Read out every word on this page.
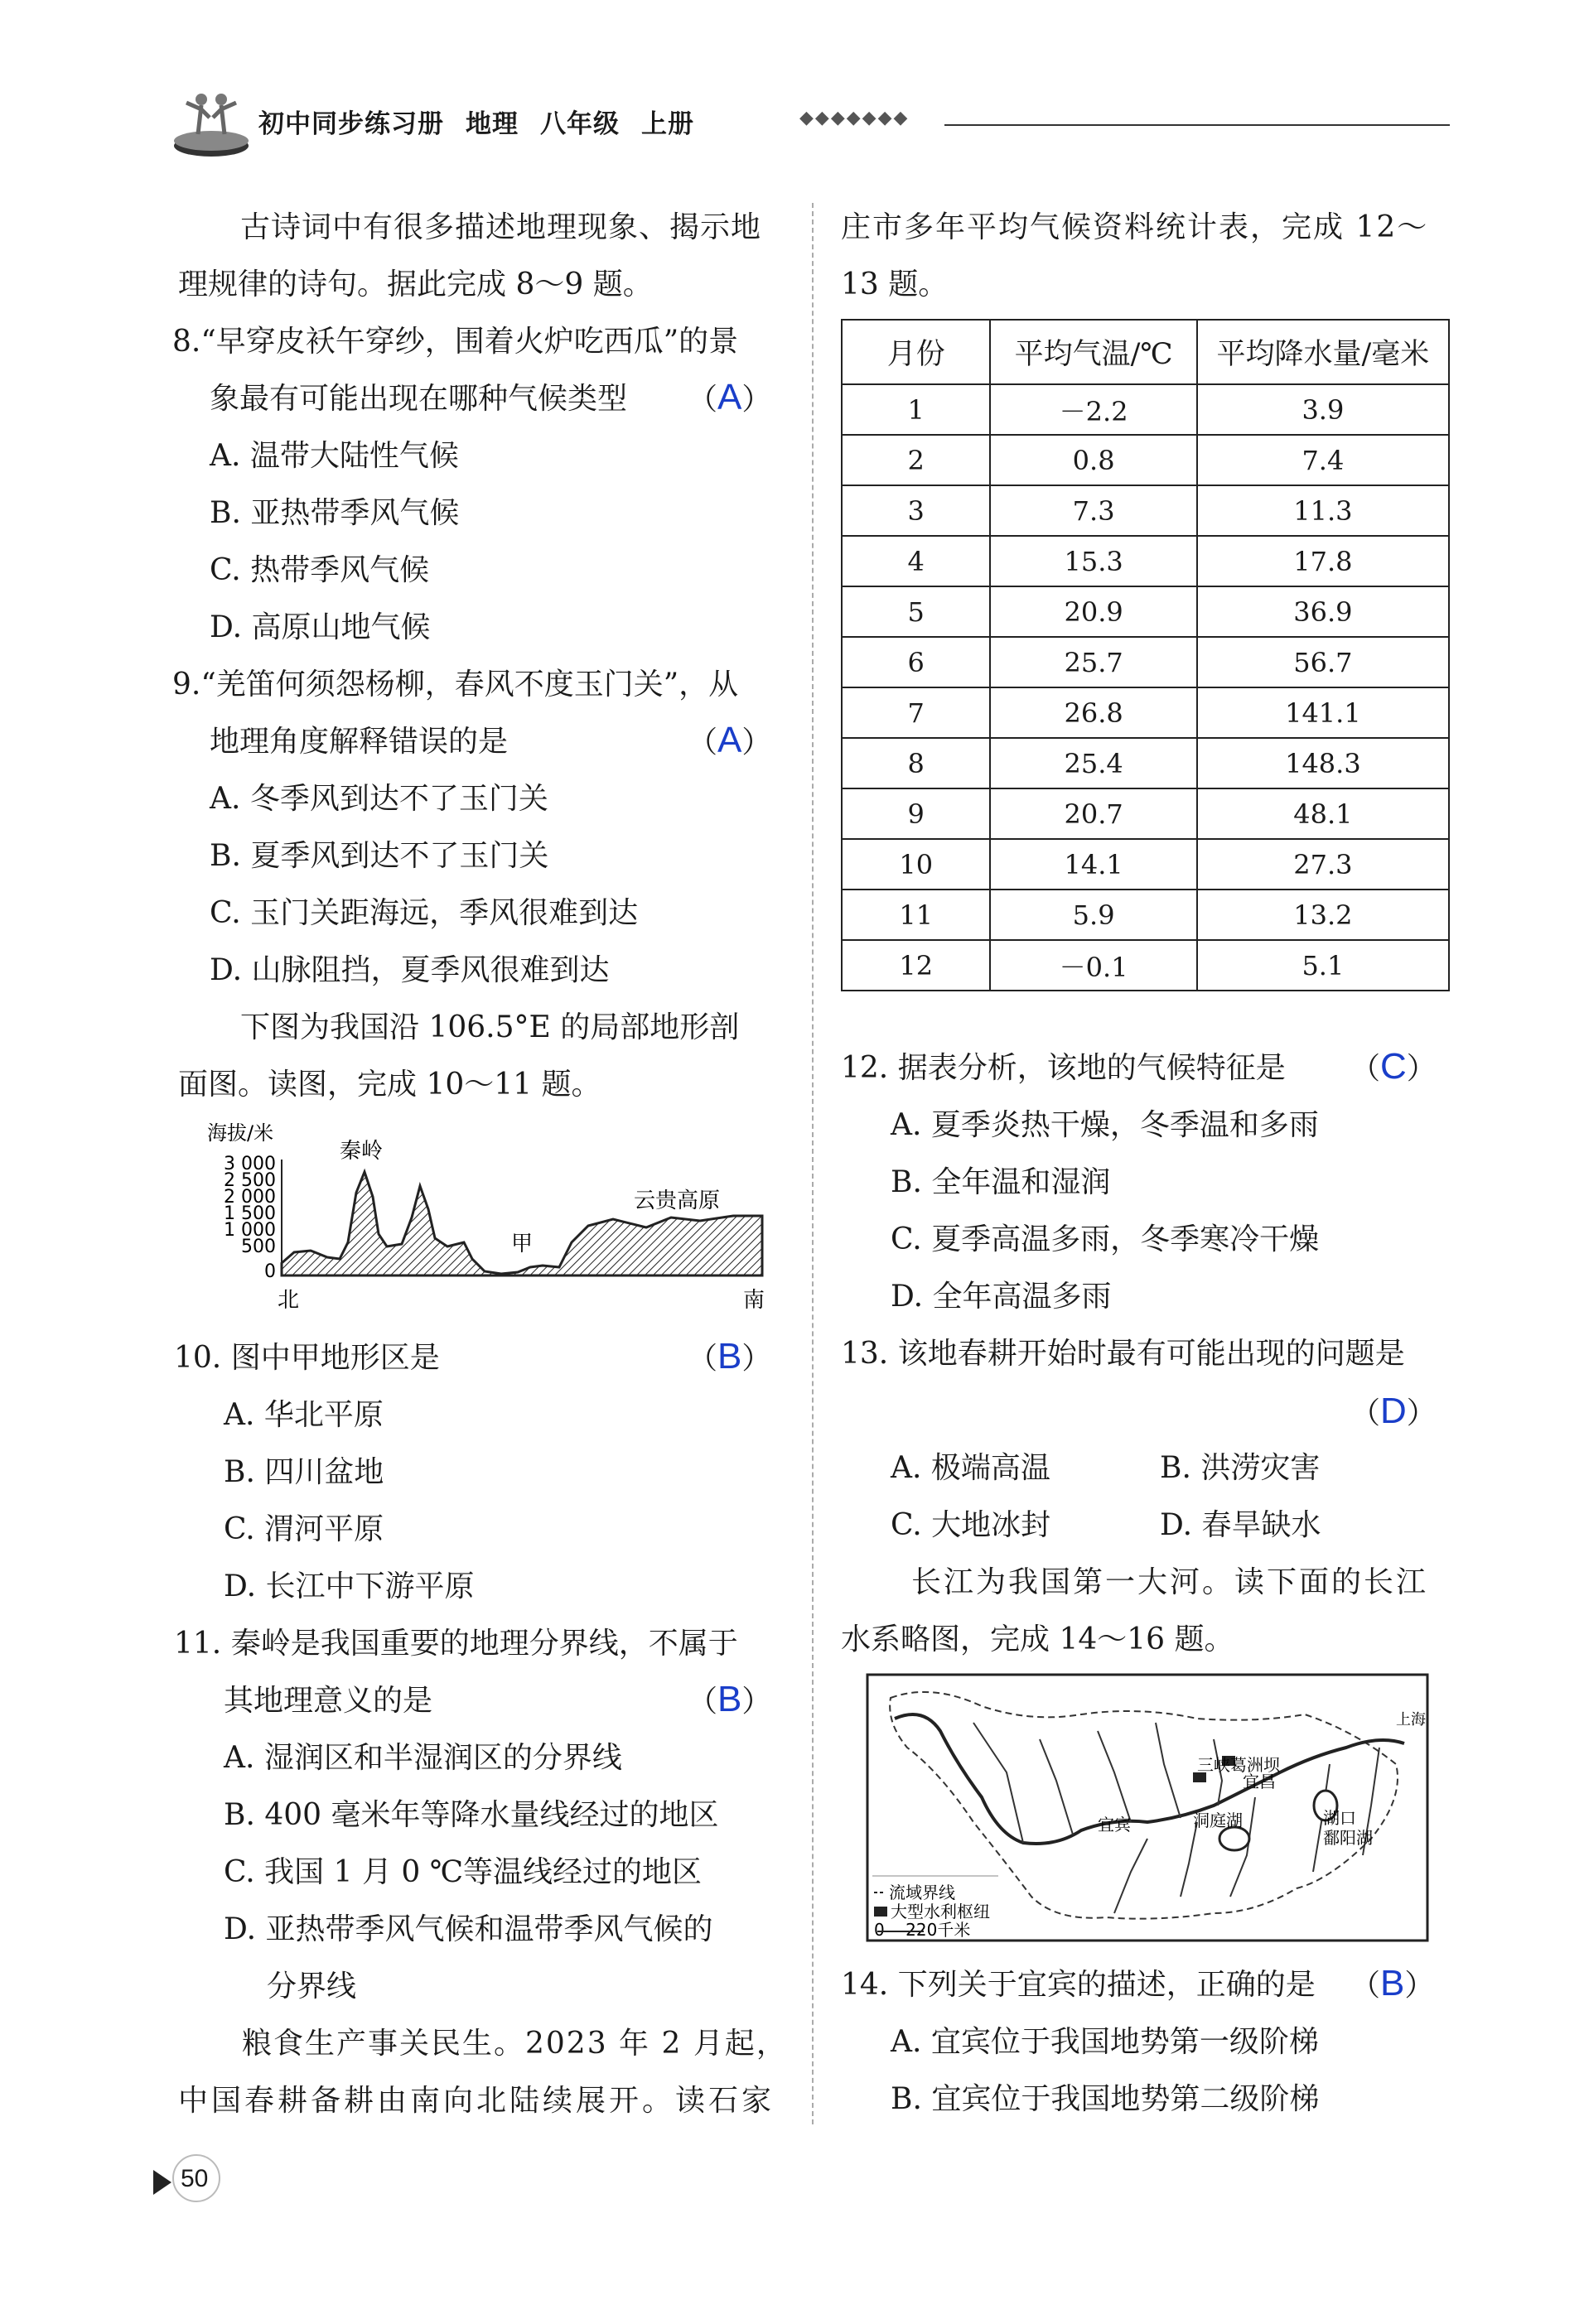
初中同步练习册 地理 八年级 上册	◆◆◆◆◆◆◆
古诗词中有很多描述地理现象、揭示地
理规律的诗句。据此完成 8～9 题。
8.“早穿皮袄午穿纱，围着火炉吃西瓜”的景
象最有可能出现在哪种气候类型 （A）
A. 温带大陆性气候
B. 亚热带季风气候
C. 热带季风气候
D. 高原山地气候
9.“羌笛何须怨杨柳，春风不度玉门关”，从
地理角度解释错误的是	（A）
A. 冬季风到达不了玉门关
B. 夏季风到达不了玉门关
C. 玉门关距海远，季风很难到达
D. 山脉阻挡，夏季风很难到达
下图为我国沿 106.5°E 的局部地形剖
面图。读图，完成 10～11 题。
海拔/米
3 000
2 500
2 000
1 500
1 000
500
0
秦岭
云贵高原
甲
北	南
10. 图中甲地形区是	（B）
A. 华北平原
B. 四川盆地
C. 渭河平原
D. 长江中下游平原
11. 秦岭是我国重要的地理分界线，不属于
其地理意义的是	（B）
A. 湿润区和半湿润区的分界线
B. 400 毫米年等降水量线经过的地区
C. 我国 1 月 0 ℃等温线经过的地区
D. 亚热带季风气候和温带季风气候的
分界线
粮食生产事关民生。2023 年 2 月起，
中国春耕备耕由南向北陆续展开。读石家
庄市多年平均气候资料统计表，完成 12～
13 题。
月份	平均气温/℃	平均降水量/毫米
1	－2.2	3.9
2	0.8	7.4
3	7.3	11.3
4	15.3	17.8
5	20.9	36.9
6	25.7	56.7
7	26.8	141.1
8	25.4	148.3
9	20.7	48.1
10	14.1	27.3
11	5.9	13.2
12	－0.1	5.1
12. 据表分析，该地的气候特征是 （C）
A. 夏季炎热干燥，冬季温和多雨
B. 全年温和湿润
C. 夏季高温多雨，冬季寒冷干燥
D. 全年高温多雨
13. 该地春耕开始时最有可能出现的问题是
（D）
A. 极端高温	B. 洪涝灾害
C. 大地冰封	D. 春旱缺水
长江为我国第一大河。读下面的长江
水系略图，完成 14～16 题。
三峡葛洲坝
宜昌
宜宾	洞庭湖	湖口
鄱阳湖
上海
流域界线
大型水利枢纽
0    220千米
14. 下列关于宜宾的描述，正确的是 （B）
A. 宜宾位于我国地势第一级阶梯
B. 宜宾位于我国地势第二级阶梯
50
